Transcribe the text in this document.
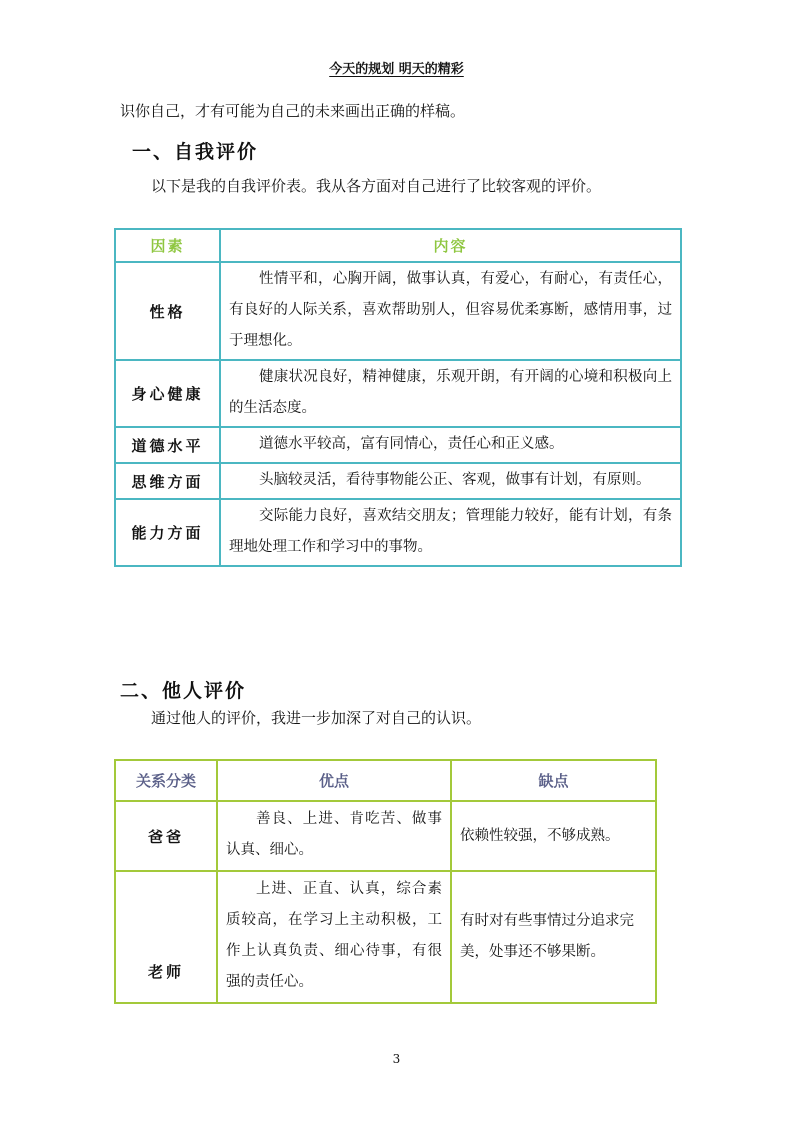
今天的规划 明天的精彩
识你自己，才有可能为自己的未来画出正确的样稿。
一、自我评价
以下是我的自我评价表。我从各方面对自己进行了比较客观的评价。
因素	内容
性格	性情平和，心胸开阔，做事认真，有爱心，有耐心，有责任心，有良好的人际关系，喜欢帮助别人，但容易优柔寡断，感情用事，过于理想化。
身心健康	健康状况良好，精神健康，乐观开朗，有开阔的心境和积极向上的生活态度。
道德水平	道德水平较高，富有同情心，责任心和正义感。
思维方面	头脑较灵活，看待事物能公正、客观，做事有计划，有原则。
能力方面	交际能力良好，喜欢结交朋友；管理能力较好，能有计划，有条理地处理工作和学习中的事物。
二、他人评价
通过他人的评价，我进一步加深了对自己的认识。
关系分类	优点	缺点
爸爸	善良、上进、肯吃苦、做事认真、细心。	依赖性较强，不够成熟。
老师	上进、正直、认真，综合素质较高，在学习上主动积极，工作上认真负责、细心待事，有很强的责任心。	有时对有些事情过分追求完美，处事还不够果断。
3
